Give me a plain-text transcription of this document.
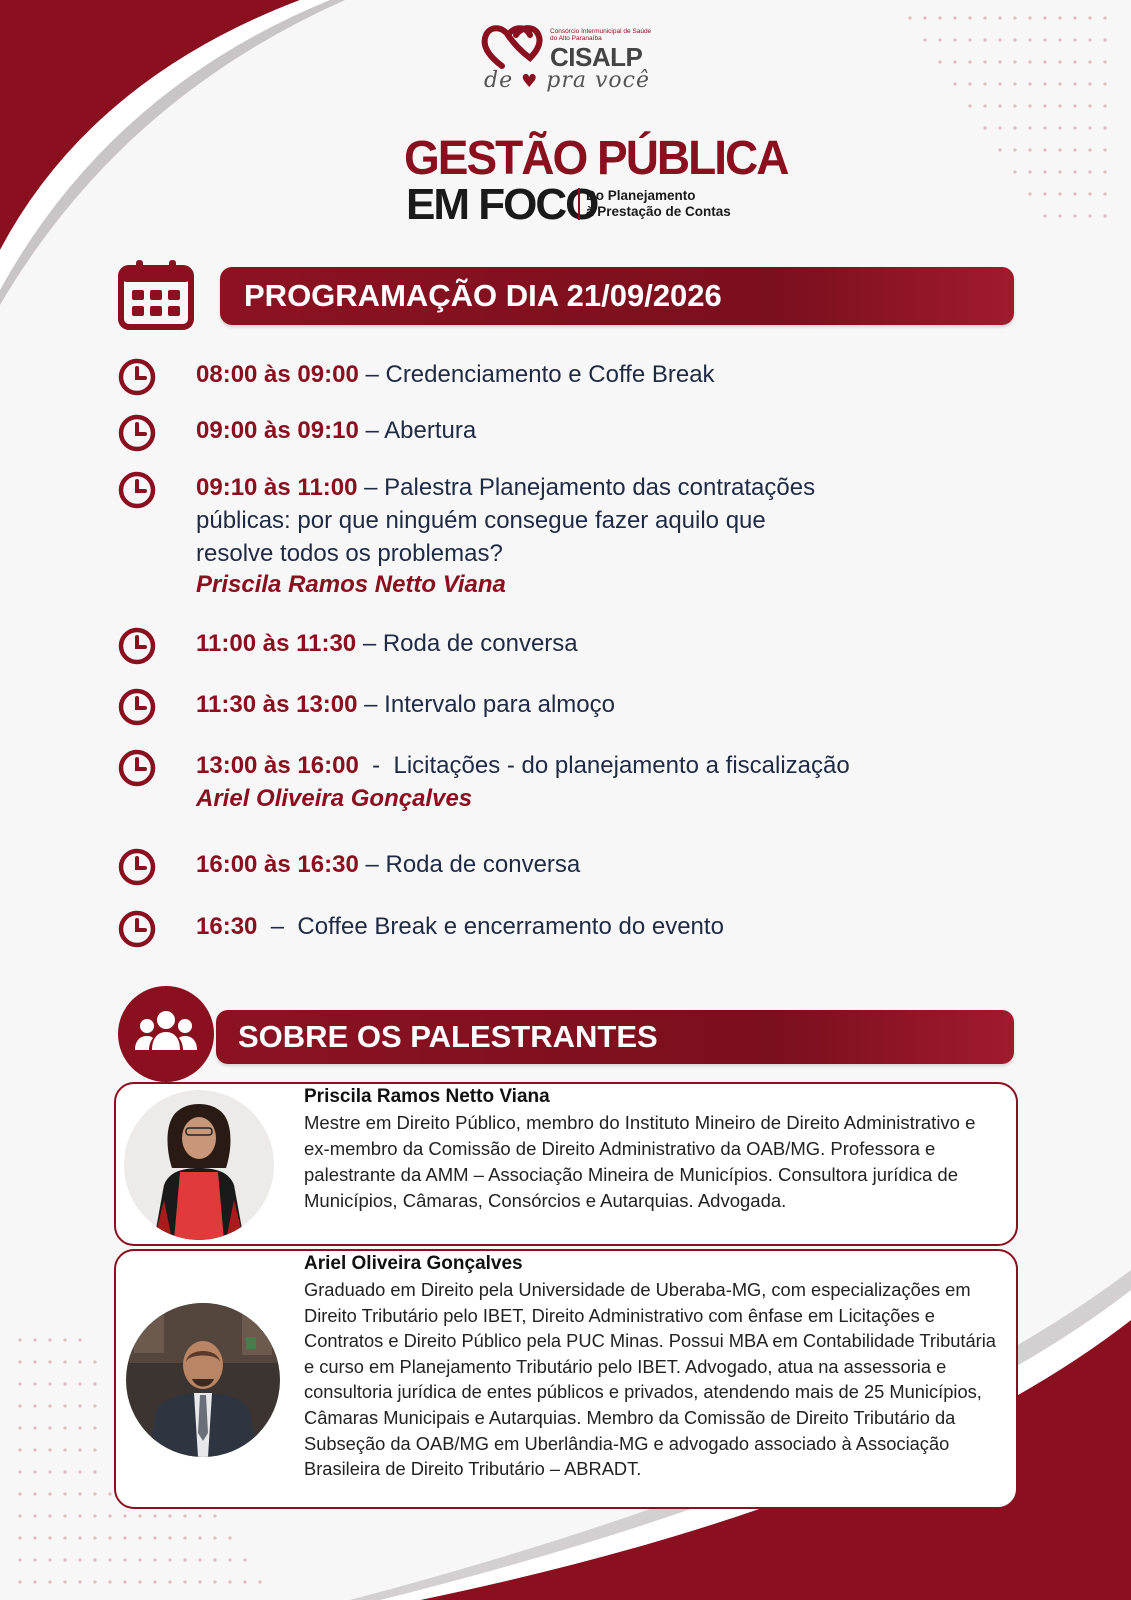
Consórcio Intermunicipal de Saúde do Alto Paranaíba
CISALP
de ♥ pra você
GESTÃO PÚBLICA
EM FOCO
Do Planejamento
à Prestação de Contas
PROGRAMAÇÃO DIA 21/09/2026
08:00 às 09:00 – Credenciamento e Coffe Break
09:00 às 09:10 – Abertura
09:10 às 11:00 – Palestra Planejamento das contratações
públicas: por que ninguém consegue fazer aquilo que
resolve todos os problemas?
Priscila Ramos Netto Viana
11:00 às 11:30 – Roda de conversa
11:30 às 13:00 – Intervalo para almoço
13:00 às 16:00  -  Licitações - do planejamento a fiscalização
Ariel Oliveira Gonçalves
16:00 às 16:30 – Roda de conversa
16:30  –  Coffee Break e encerramento do evento
SOBRE OS PALESTRANTES
Priscila Ramos Netto Viana
Mestre em Direito Público, membro do Instituto Mineiro de Direito Administrativo e ex-membro da Comissão de Direito Administrativo da OAB/MG. Professora e palestrante da AMM – Associação Mineira de Municípios. Consultora jurídica de Municípios, Câmaras, Consórcios e Autarquias. Advogada.
Ariel Oliveira Gonçalves
Graduado em Direito pela Universidade de Uberaba-MG, com especializações em Direito Tributário pelo IBET, Direito Administrativo com ênfase em Licitações e Contratos e Direito Público pela PUC Minas. Possui MBA em Contabilidade Tributária e curso em Planejamento Tributário pelo IBET. Advogado, atua na assessoria e consultoria jurídica de entes públicos e privados, atendendo mais de 25 Municípios, Câmaras Municipais e Autarquias. Membro da Comissão de Direito Tributário da Subseção da OAB/MG em Uberlândia-MG e advogado associado à Associação Brasileira de Direito Tributário – ABRADT.
